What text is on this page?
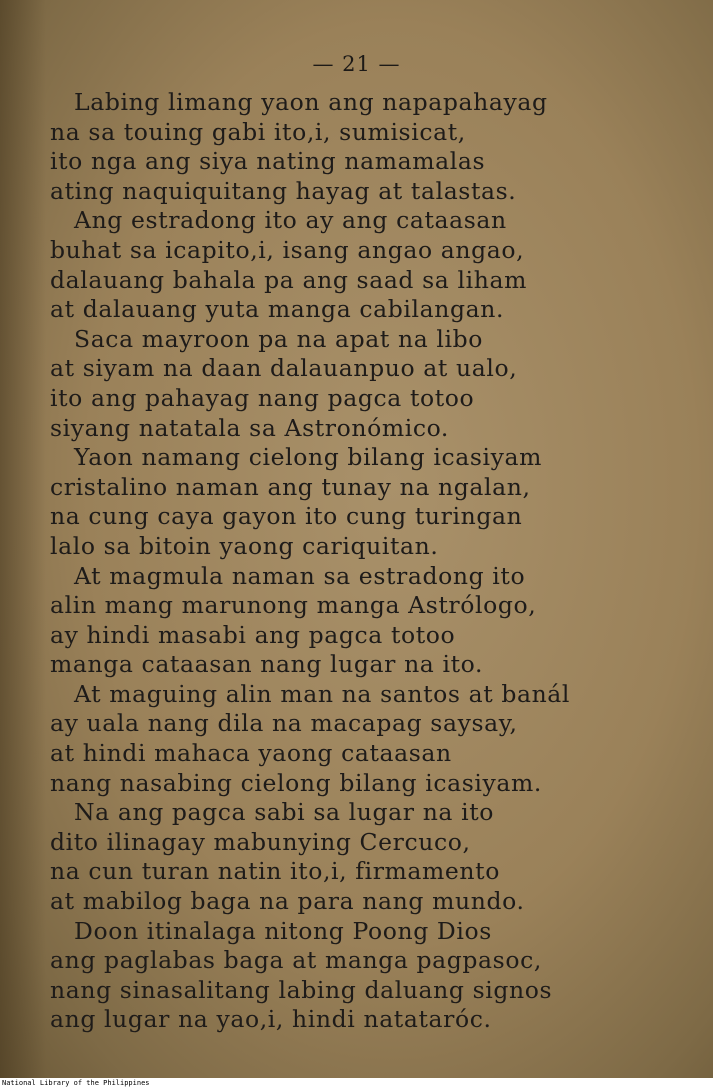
— 21 —
Labing limang yaon ang napapahayag
na sa touing gabi ito,i, sumisicat,
ito nga ang siya nating namamalas
ating naquiquitang hayag at talastas.
Ang estradong ito ay ang cataasan
buhat sa icapito,i, isang angao angao,
dalauang bahala pa ang saad sa liham
at dalauang yuta manga cabilangan.
Saca mayroon pa na apat na libo
at siyam na daan dalauanpuo at ualo,
ito ang pahayag nang pagca totoo
siyang natatala sa Astronómico.
Yaon namang cielong bilang icasiyam
cristalino naman ang tunay na ngalan,
na cung caya gayon ito cung turingan
lalo sa bitoin yaong cariquitan.
At magmula naman sa estradong ito
alin mang marunong manga Astrólogo,
ay hindi masabi ang pagca totoo
manga cataasan nang lugar na ito.
At maguing alin man na santos at banál
ay uala nang dila na macapag saysay,
at hindi mahaca yaong cataasan
nang nasabing cielong bilang icasiyam.
Na ang pagca sabi sa lugar na ito
dito ilinagay mabunying Cercuco,
na cun turan natin ito,i, firmamento
at mabilog baga na para nang mundo.
Doon itinalaga nitong Poong Dios
ang paglabas baga at manga pagpasoc,
nang sinasalitang labing daluang signos
ang lugar na yao,i, hindi natataróc.
National Library of the Philippines
